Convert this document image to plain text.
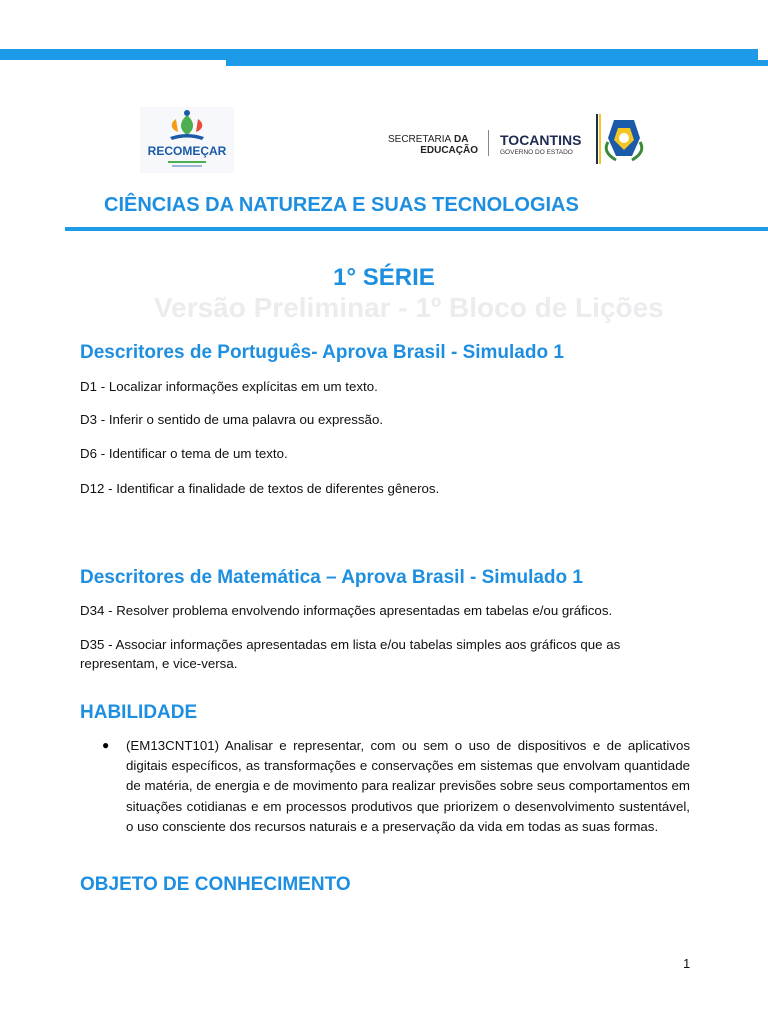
RECOMEÇAR
SECRETARIA DA
EDUCAÇÃO
TOCANTINS
GOVERNO DO ESTADO
CIÊNCIAS DA NATUREZA E SUAS TECNOLOGIAS
1° SÉRIE
Versão Preliminar - 1º Bloco de Lições
Descritores de Português- Aprova Brasil - Simulado 1
D1 - Localizar informações explícitas em um texto.
D3 - Inferir o sentido de uma palavra ou expressão.
D6 - Identificar o tema de um texto.
D12 - Identificar a finalidade de textos de diferentes gêneros.
Descritores de Matemática – Aprova Brasil - Simulado 1
D34 - Resolver problema envolvendo informações apresentadas em tabelas e/ou gráficos.
D35 - Associar informações apresentadas em lista e/ou tabelas simples aos gráficos que as representam, e vice-versa.
HABILIDADE
● (EM13CNT101) Analisar e representar, com ou sem o uso de dispositivos e de aplicativos digitais específicos, as transformações e conservações em sistemas que envolvam quantidade de matéria, de energia e de movimento para realizar previsões sobre seus comportamentos em situações cotidianas e em processos produtivos que priorizem o desenvolvimento sustentável, o uso consciente dos recursos naturais e a preservação da vida em todas as suas formas.
OBJETO DE CONHECIMENTO
1
